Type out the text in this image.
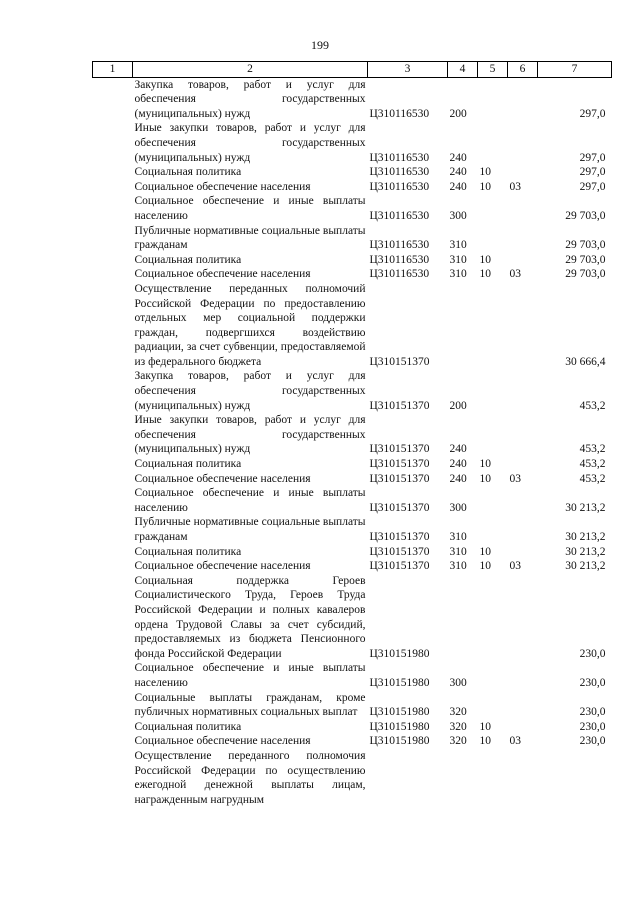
199
1	2	3	4	5	6	7
	Закупка товаров, работ и услуг для обеспечения государственных (муниципальных) нужд	Ц310116530	200			297,0
	Иные закупки товаров, работ и услуг для обеспечения государственных (муниципальных) нужд	Ц310116530	240			297,0
	Социальная политика	Ц310116530	240	10		297,0
	Социальное обеспечение населения	Ц310116530	240	10	03	297,0
	Социальное обеспечение и иные выплаты населению	Ц310116530	300			29 703,0
	Публичные нормативные социальные выплаты гражданам	Ц310116530	310			29 703,0
	Социальная политика	Ц310116530	310	10		29 703,0
	Социальное обеспечение населения	Ц310116530	310	10	03	29 703,0
	Осуществление переданных полномочий Российской Федерации по предоставлению отдельных мер социальной поддержки граждан, подвергшихся воздействию радиации, за счет субвенции, предоставляемой из федерального бюджета	Ц310151370				30 666,4
	Закупка товаров, работ и услуг для обеспечения государственных (муниципальных) нужд	Ц310151370	200			453,2
	Иные закупки товаров, работ и услуг для обеспечения государственных (муниципальных) нужд	Ц310151370	240			453,2
	Социальная политика	Ц310151370	240	10		453,2
	Социальное обеспечение населения	Ц310151370	240	10	03	453,2
	Социальное обеспечение и иные выплаты населению	Ц310151370	300			30 213,2
	Публичные нормативные социальные выплаты гражданам	Ц310151370	310			30 213,2
	Социальная политика	Ц310151370	310	10		30 213,2
	Социальное обеспечение населения	Ц310151370	310	10	03	30 213,2
	Социальная поддержка Героев Социалистического Труда, Героев Труда Российской Федерации и полных кавалеров ордена Трудовой Славы за счет субсидий, предоставляемых из бюджета Пенсионного фонда Российской Федерации	Ц310151980				230,0
	Социальное обеспечение и иные выплаты населению	Ц310151980	300			230,0
	Социальные выплаты гражданам, кроме публичных нормативных социальных выплат	Ц310151980	320			230,0
	Социальная политика	Ц310151980	320	10		230,0
	Социальное обеспечение населения	Ц310151980	320	10	03	230,0
	Осуществление переданного полномочия Российской Федерации по осуществлению ежегодной денежной выплаты лицам, награжденным нагрудным					
